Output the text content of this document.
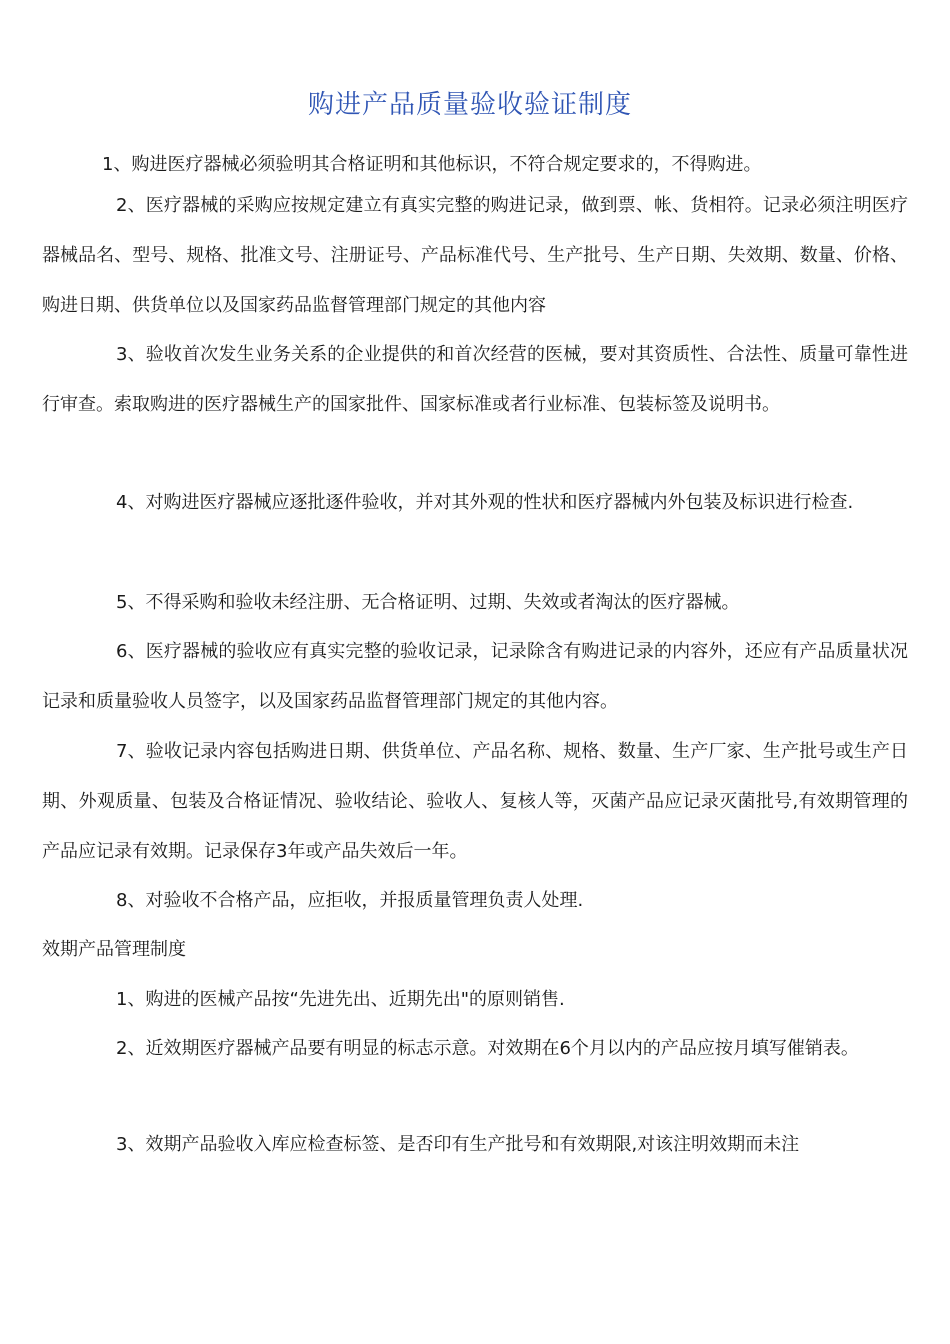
购进产品质量验收验证制度

1、购进医疗器械必须验明其合格证明和其他标识，不符合规定要求的，不得购进。

2、医疗器械的采购应按规定建立有真实完整的购进记录，做到票、帐、货相符。记录必须注明医疗器械品名、型号、规格、批准文号、注册证号、产品标准代号、生产批号、生产日期、失效期、数量、价格、购进日期、供货单位以及国家药品监督管理部门规定的其他内容

3、验收首次发生业务关系的企业提供的和首次经营的医械，要对其资质性、合法性、质量可靠性进行审查。索取购进的医疗器械生产的国家批件、国家标准或者行业标准、包装标签及说明书。

4、对购进医疗器械应逐批逐件验收，并对其外观的性状和医疗器械内外包装及标识进行检查.

5、不得采购和验收未经注册、无合格证明、过期、失效或者淘汰的医疗器械。

6、医疗器械的验收应有真实完整的验收记录，记录除含有购进记录的内容外，还应有产品质量状况记录和质量验收人员签字，以及国家药品监督管理部门规定的其他内容。

7、验收记录内容包括购进日期、供货单位、产品名称、规格、数量、生产厂家、生产批号或生产日期、外观质量、包装及合格证情况、验收结论、验收人、复核人等，灭菌产品应记录灭菌批号,有效期管理的产品应记录有效期。记录保存3年或产品失效后一年。

8、对验收不合格产品，应拒收，并报质量管理负责人处理.

效期产品管理制度

1、购进的医械产品按“先进先出、近期先出"的原则销售.

2、近效期医疗器械产品要有明显的标志示意。对效期在6个月以内的产品应按月填写催销表。

3、效期产品验收入库应检查标签、是否印有生产批号和有效期限,对该注明效期而未注
